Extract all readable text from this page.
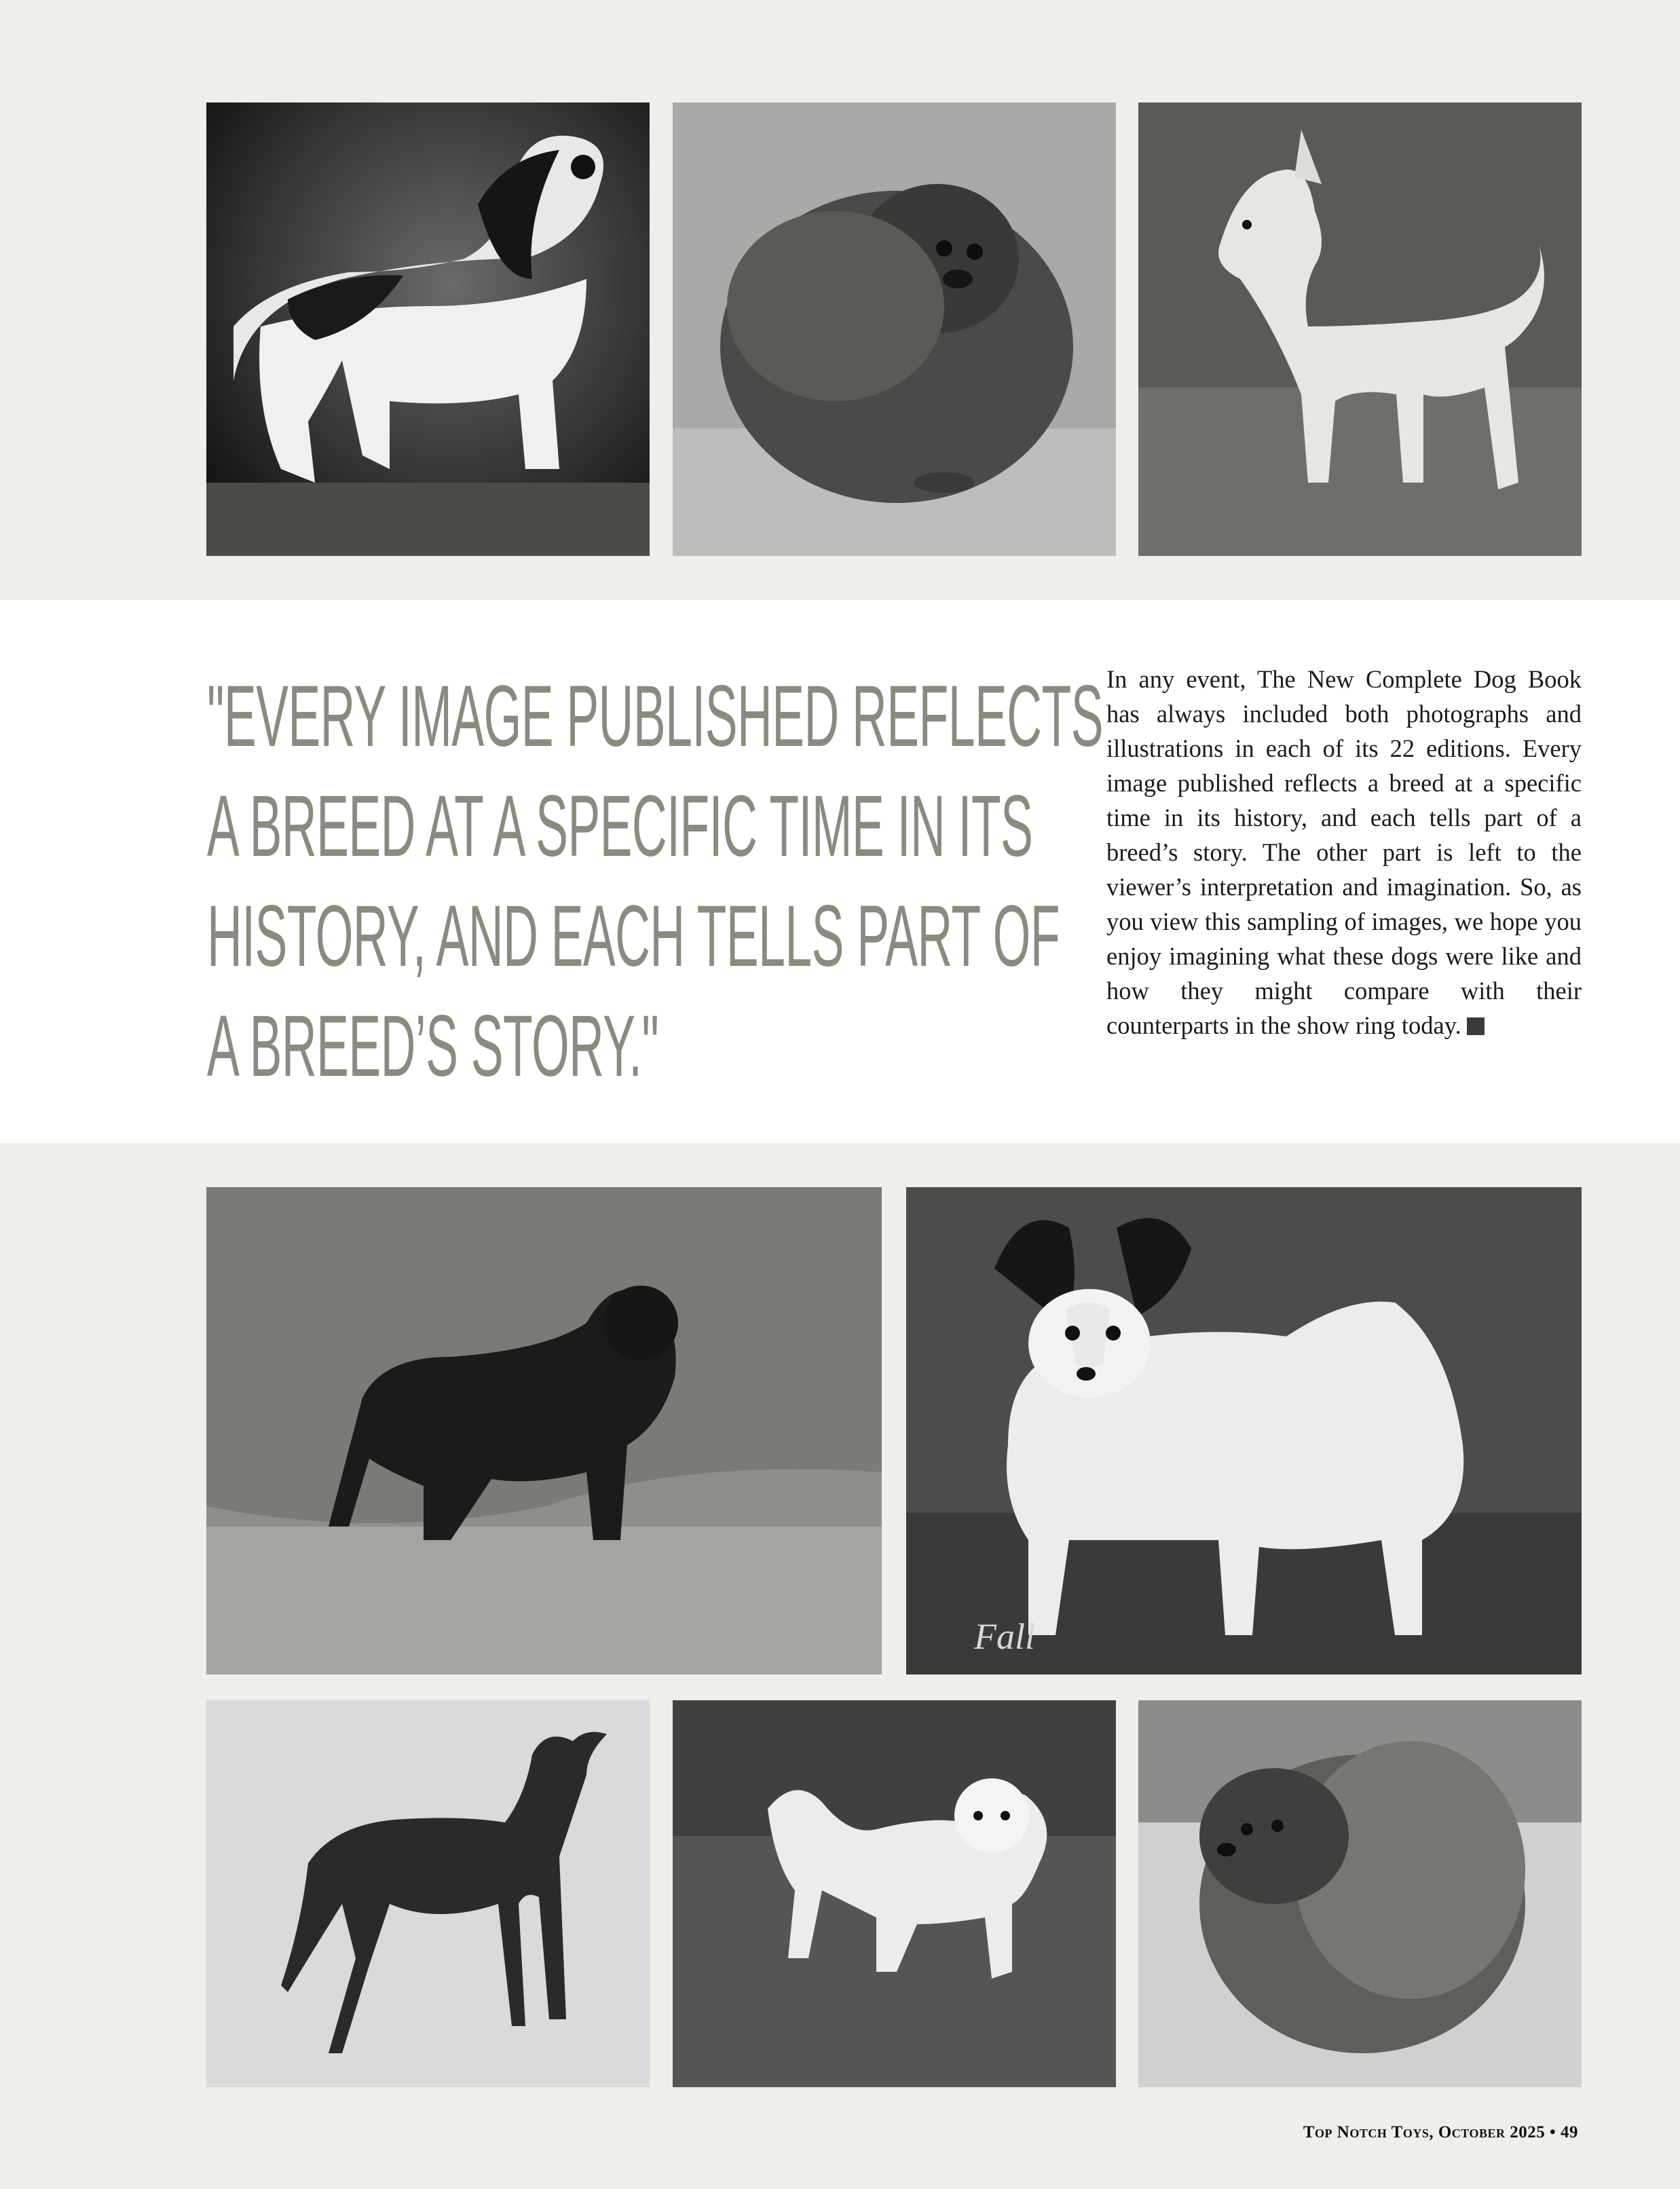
"EVERY IMAGE PUBLISHED REFLECTS
A BREED AT A SPECIFIC TIME IN ITS
HISTORY, AND EACH TELLS PART OF
A BREED’S STORY."

In any event, The New Complete Dog Book has always included both photographs and illustrations in each of its 22 editions. Every image published reflects a breed at a specific time in its history, and each tells part of a breed’s story. The other part is left to the viewer’s interpretation and imagination. So, as you view this sampling of images, we hope you enjoy imagining what these dogs were like and how they might compare with their counterparts in the show ring today.

Fall
Top Notch Toys, October 2025 • 49
